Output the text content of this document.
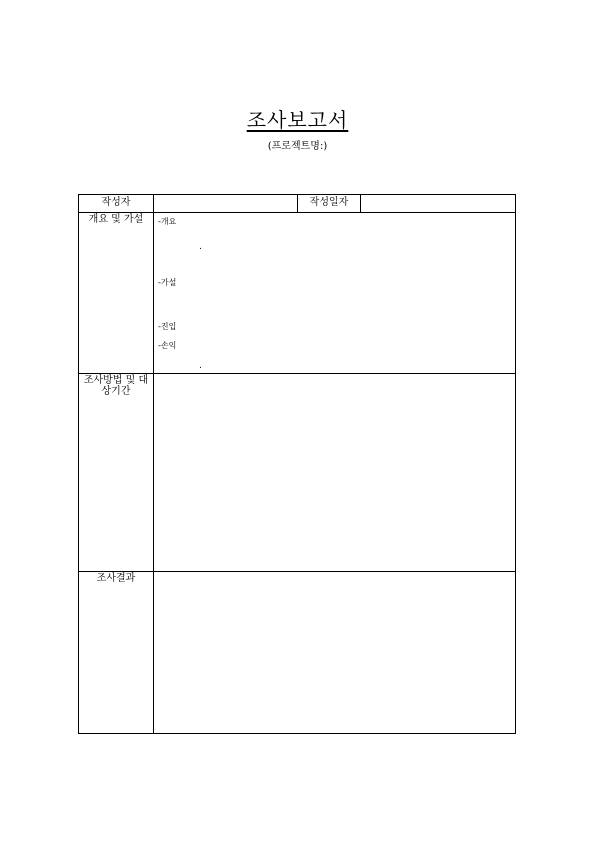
조사보고서
(프로젝트명:)
작성자	작성일자
개요 및 가설	-개요
.
-가설
-진입
-손익
.
조사방법 및 대상기간
조사결과
